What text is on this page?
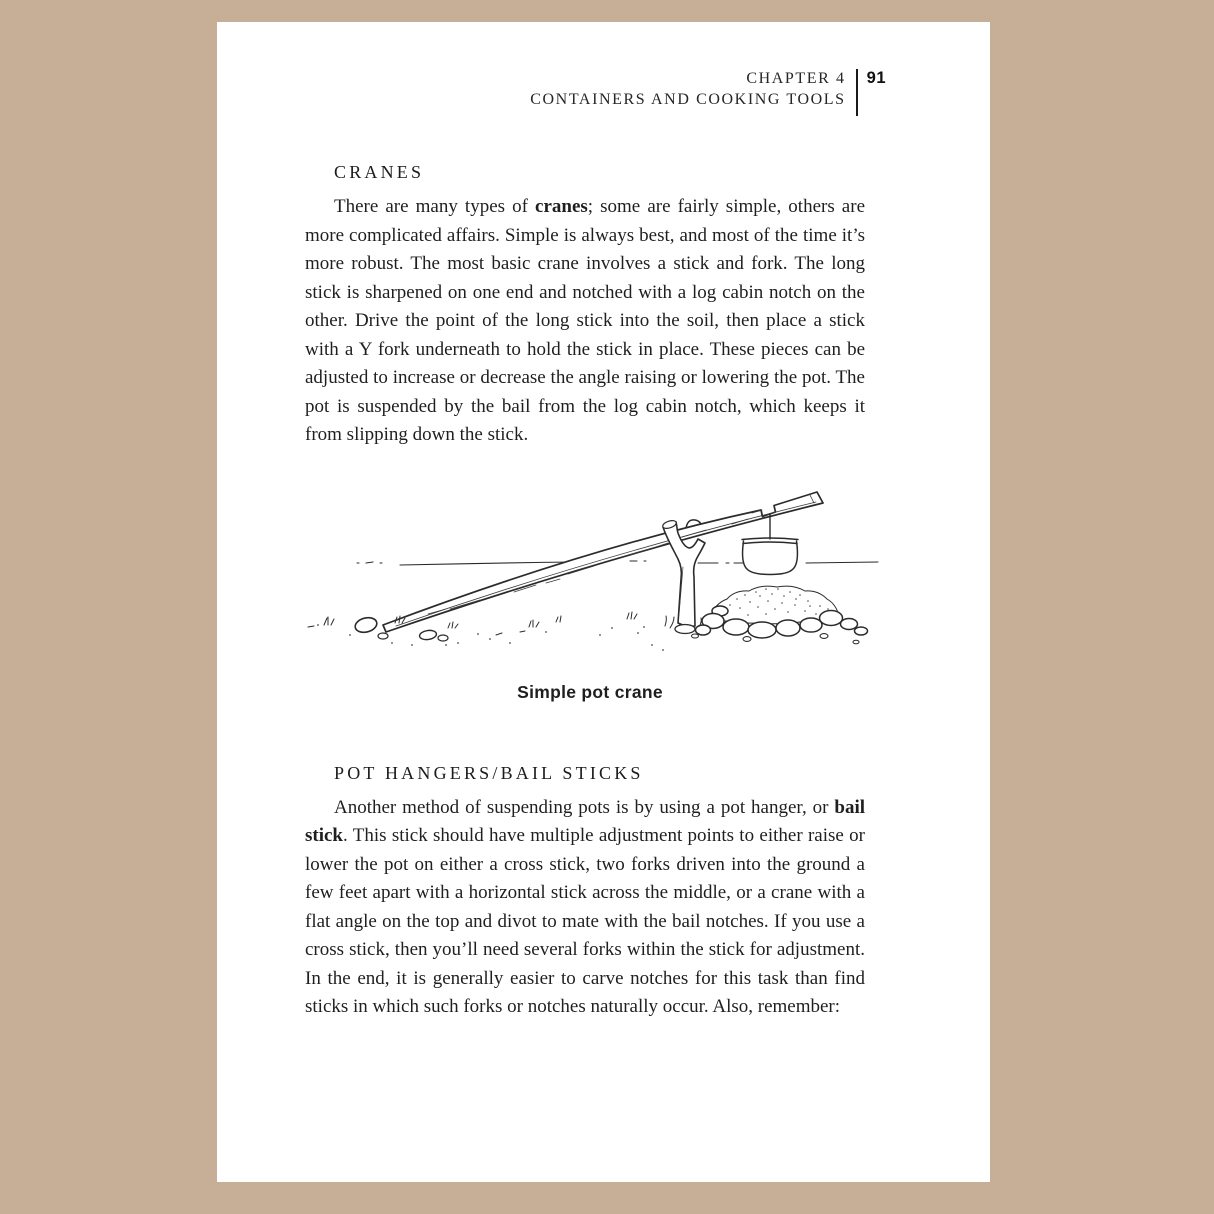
CHAPTER 4
CONTAINERS AND COOKING TOOLS
91
CRANES

There are many types of cranes; some are fairly simple, others are more complicated affairs. Simple is always best, and most of the time it’s more robust. The most basic crane involves a stick and fork. The long stick is sharpened on one end and notched with a log cabin notch on the other. Drive the point of the long stick into the soil, then place a stick with a Y fork underneath to hold the stick in place. These pieces can be adjusted to increase or decrease the angle raising or lowering the pot. The pot is suspended by the bail from the log cabin notch, which keeps it from slipping down the stick.

Simple pot crane
POT HANGERS/BAIL STICKS

Another method of suspending pots is by using a pot hanger, or bail stick. This stick should have multiple adjustment points to either raise or lower the pot on either a cross stick, two forks driven into the ground a few feet apart with a horizontal stick across the middle, or a crane with a flat angle on the top and divot to mate with the bail notches. If you use a cross stick, then you’ll need several forks within the stick for adjustment. In the end, it is generally easier to carve notches for this task than find sticks in which such forks or notches naturally occur. Also, remember:
